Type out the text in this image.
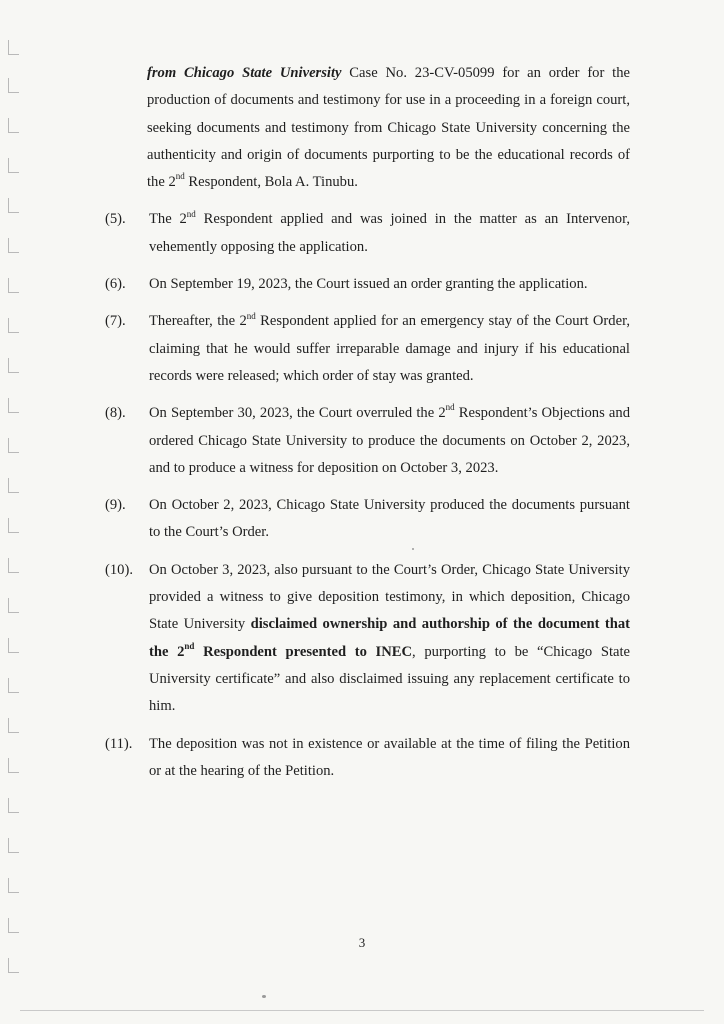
from Chicago State University Case No. 23-CV-05099 for an order for the production of documents and testimony for use in a proceeding in a foreign court, seeking documents and testimony from Chicago State University concerning the authenticity and origin of documents purporting to be the educational records of the 2nd Respondent, Bola A. Tinubu.

(5).	The 2nd Respondent applied and was joined in the matter as an Intervenor, vehemently opposing the application.
(6).	On September 19, 2023, the Court issued an order granting the application.
(7).	Thereafter, the 2nd Respondent applied for an emergency stay of the Court Order, claiming that he would suffer irreparable damage and injury if his educational records were released; which order of stay was granted.
(8).	On September 30, 2023, the Court overruled the 2nd Respondent’s Objections and ordered Chicago State University to produce the documents on October 2, 2023, and to produce a witness for deposition on October 3, 2023.
(9).	On October 2, 2023, Chicago State University produced the documents pursuant to the Court’s Order.
(10).	On October 3, 2023, also pursuant to the Court’s Order, Chicago State University provided a witness to give deposition testimony, in which deposition, Chicago State University disclaimed ownership and authorship of the document that the 2nd Respondent presented to INEC, purporting to be “Chicago State University certificate” and also disclaimed issuing any replacement certificate to him.
(11).	The deposition was not in existence or available at the time of filing the Petition or at the hearing of the Petition.
3
